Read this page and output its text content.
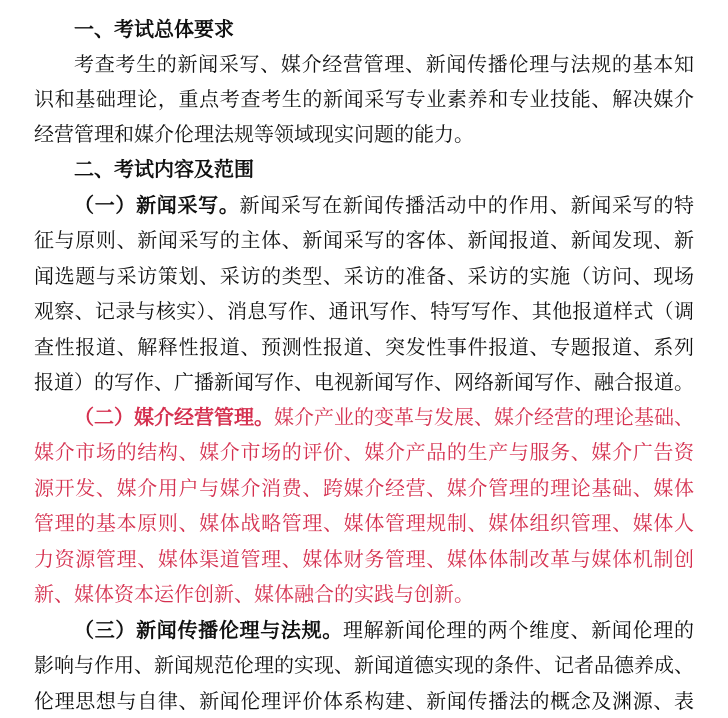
一、考试总体要求
考查考生的新闻采写、媒介经营管理、新闻传播伦理与法规的基本知
识和基础理论，重点考查考生的新闻采写专业素养和专业技能、解决媒介
经营管理和媒介伦理法规等领域现实问题的能力。
二、考试内容及范围
（一）新闻采写。新闻采写在新闻传播活动中的作用、新闻采写的特
征与原则、新闻采写的主体、新闻采写的客体、新闻报道、新闻发现、新
闻选题与采访策划、采访的类型、采访的准备、采访的实施（访问、现场
观察、记录与核实）、消息写作、通讯写作、特写写作、其他报道样式（调
查性报道、解释性报道、预测性报道、突发性事件报道、专题报道、系列
报道）的写作、广播新闻写作、电视新闻写作、网络新闻写作、融合报道。
（二）媒介经营管理。媒介产业的变革与发展、媒介经营的理论基础、
媒介市场的结构、媒介市场的评价、媒介产品的生产与服务、媒介广告资
源开发、媒介用户与媒介消费、跨媒介经营、媒介管理的理论基础、媒体
管理的基本原则、媒体战略管理、媒体管理规制、媒体组织管理、媒体人
力资源管理、媒体渠道管理、媒体财务管理、媒体体制改革与媒体机制创
新、媒体资本运作创新、媒体融合的实践与创新。
（三）新闻传播伦理与法规。理解新闻伦理的两个维度、新闻伦理的
影响与作用、新闻规范伦理的实现、新闻道德实现的条件、记者品德养成、
伦理思想与自律、新闻伦理评价体系构建、新闻传播法的概念及渊源、表
